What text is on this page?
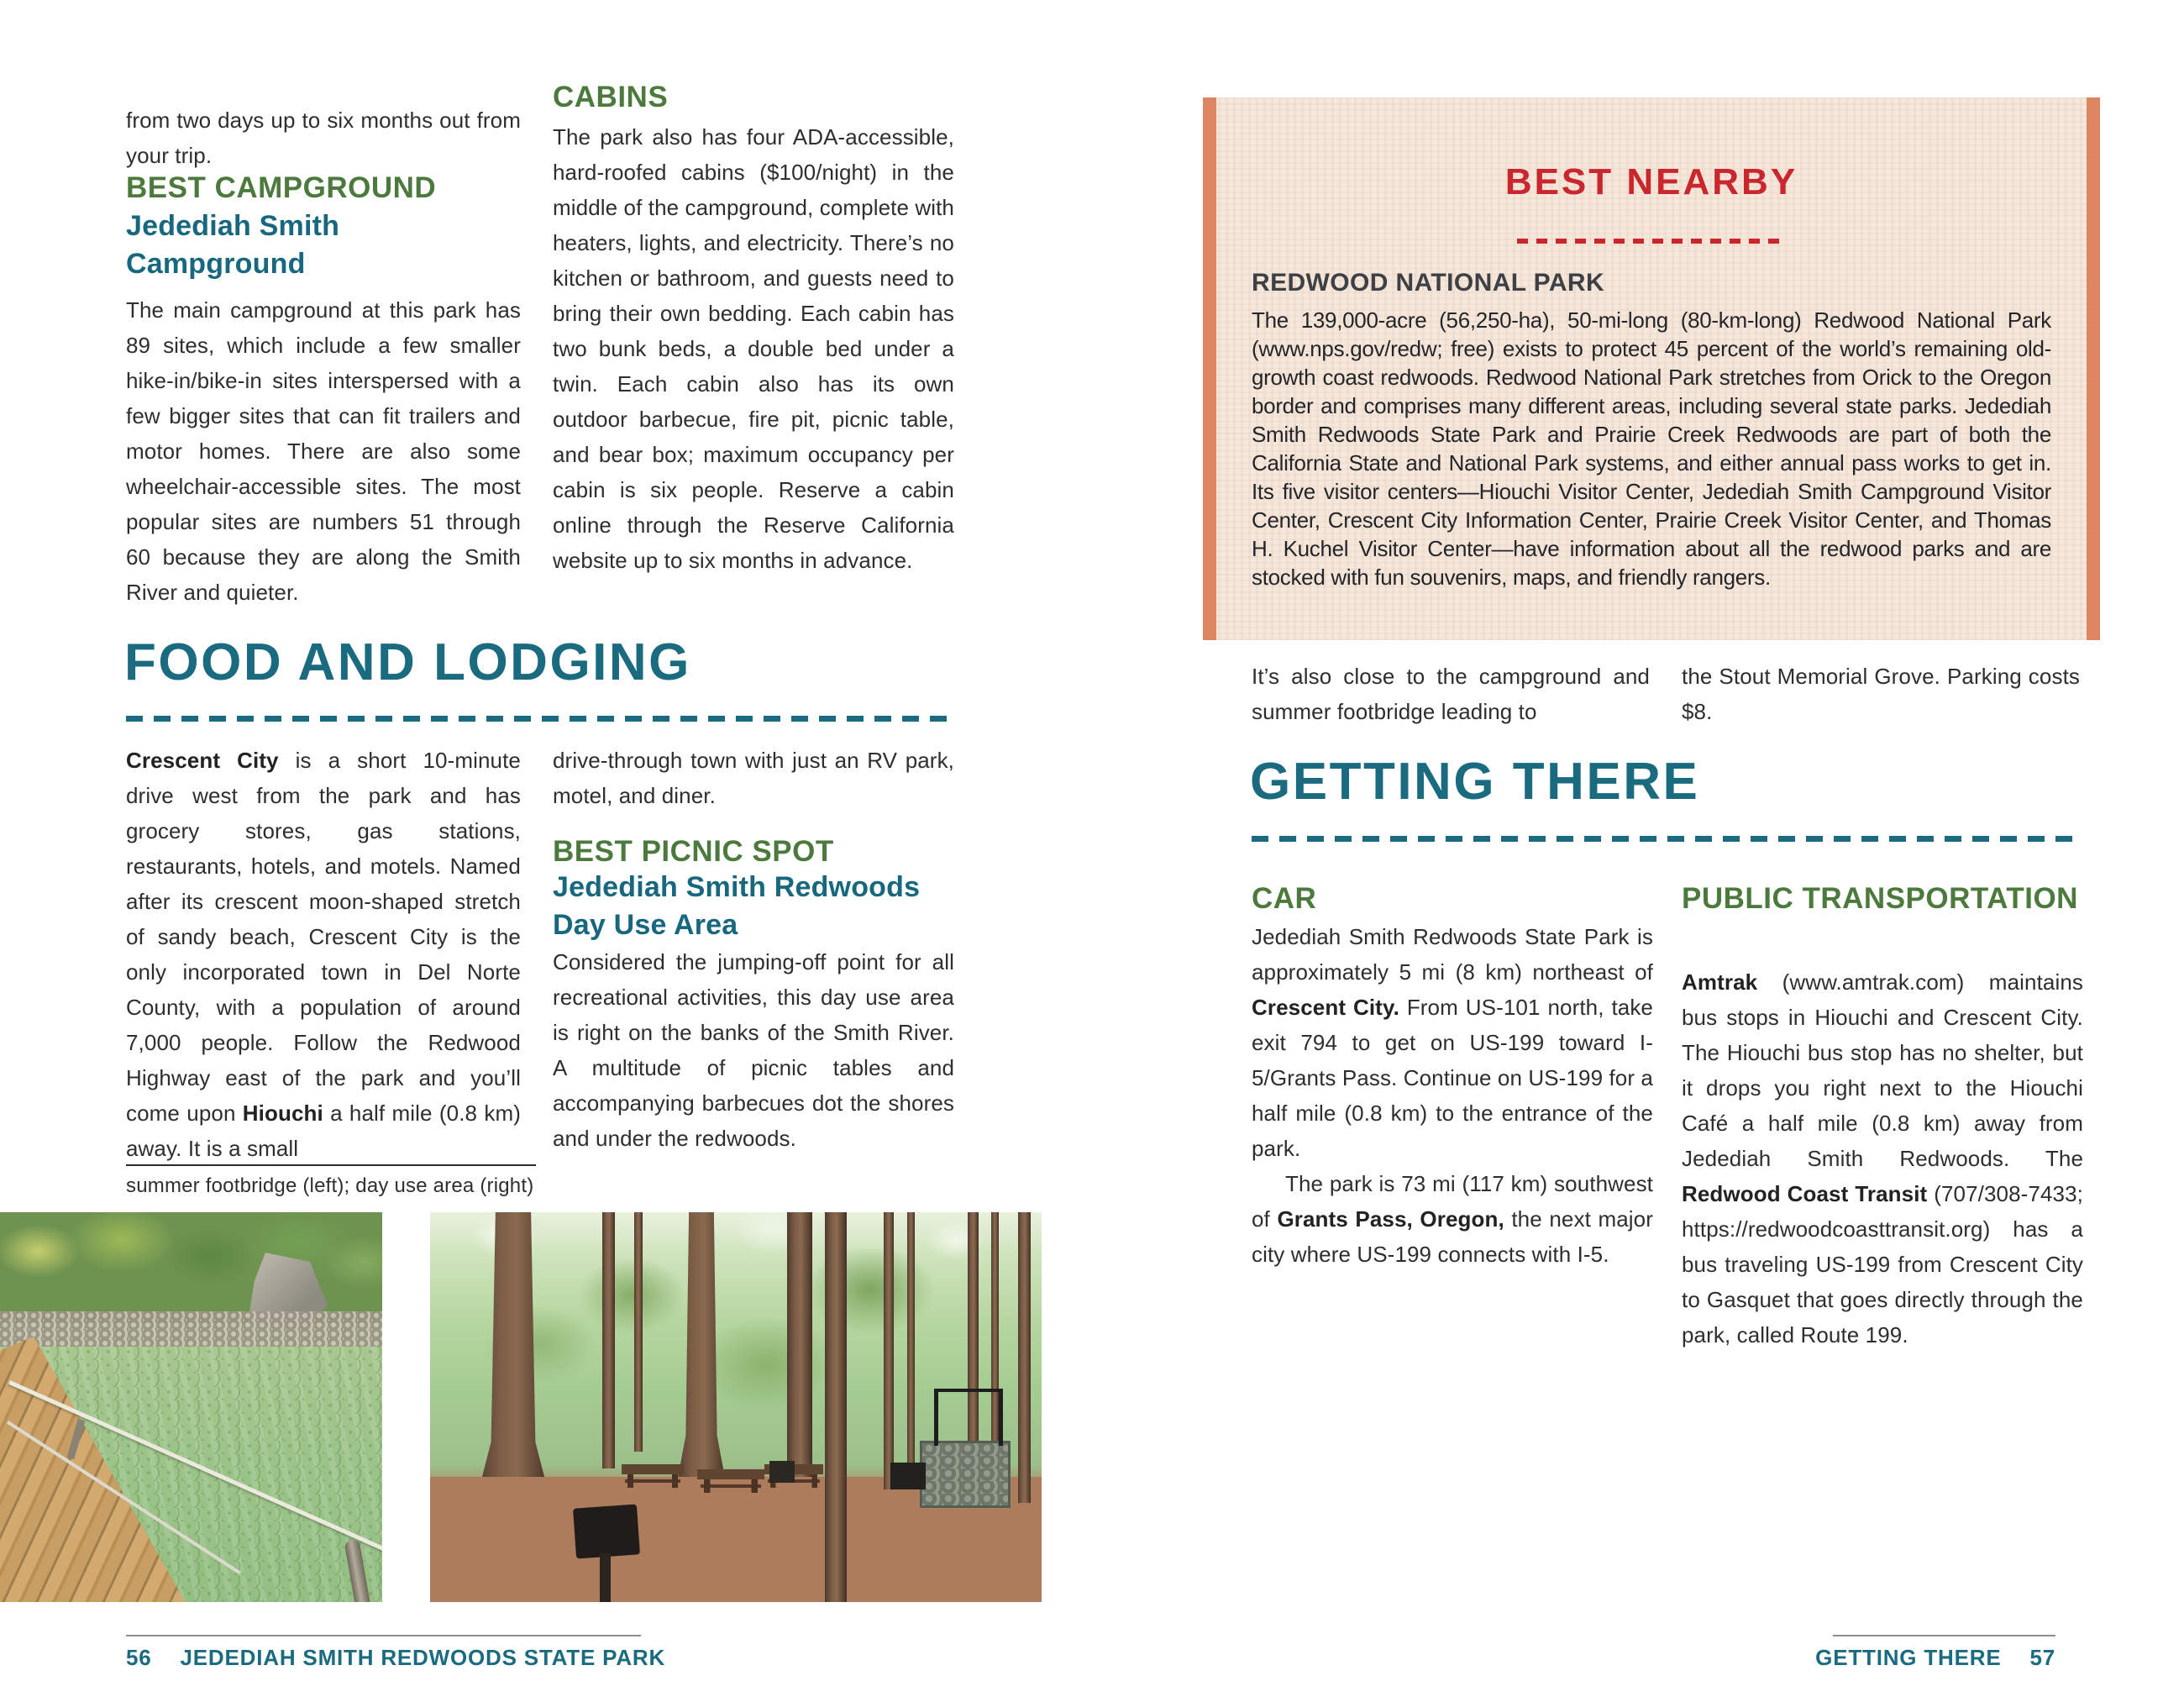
from two days up to six months out from your trip.

BEST CAMPGROUND
Jedediah Smith Campground

The main campground at this park has 89 sites, which include a few smaller hike-in/bike-in sites interspersed with a few bigger sites that can fit trailers and motor homes. There are also some wheelchair-accessible sites. The most popular sites are numbers 51 through 60 because they are along the Smith River and quieter.

CABINS

The park also has four ADA-accessible, hard-roofed cabins ($100/night) in the middle of the campground, complete with heaters, lights, and electricity. There’s no kitchen or bathroom, and guests need to bring their own bedding. Each cabin has two bunk beds, a double bed under a twin. Each cabin also has its own outdoor barbecue, fire pit, picnic table, and bear box; maximum occupancy per cabin is six people. Reserve a cabin online through the Reserve California website up to six months in advance.

FOOD AND LODGING

Crescent City is a short 10-minute drive west from the park and has grocery stores, gas stations, restaurants, hotels, and motels. Named after its crescent moon-shaped stretch of sandy beach, Crescent City is the only incorporated town in Del Norte County, with a population of around 7,000 people. Follow the Redwood Highway east of the park and you’ll come upon Hiouchi a half mile (0.8 km) away. It is a small

drive-through town with just an RV park, motel, and diner.

BEST PICNIC SPOT
Jedediah Smith Redwoods Day Use Area

Considered the jumping-off point for all recreational activities, this day use area is right on the banks of the Smith River. A multitude of picnic tables and accompanying barbecues dot the shores and under the redwoods.

summer footbridge (left); day use area (right)

56 JEDEDIAH SMITH REDWOODS STATE PARK
BEST NEARBY
REDWOOD NATIONAL PARK
The 139,000-acre (56,250-ha), 50-mi-long (80-km-long) Redwood National Park (www.nps.gov/redw; free) exists to protect 45 percent of the world’s remaining old-growth coast redwoods. Redwood National Park stretches from Orick to the Oregon border and comprises many different areas, including several state parks. Jedediah Smith Redwoods State Park and Prairie Creek Redwoods are part of both the California State and National Park systems, and either annual pass works to get in. Its five visitor centers—Hiouchi Visitor Center, Jedediah Smith Campground Visitor Center, Crescent City Information Center, Prairie Creek Visitor Center, and Thomas H. Kuchel Visitor Center—have information about all the redwood parks and are stocked with fun souvenirs, maps, and friendly rangers.

It’s also close to the campground and summer footbridge leading to

the Stout Memorial Grove. Parking costs $8.

GETTING THERE
CAR

Jedediah Smith Redwoods State Park is approximately 5 mi (8 km) northeast of Crescent City. From US-101 north, take exit 794 to get on US-199 toward I-5/Grants Pass. Continue on US-199 for a half mile (0.8 km) to the entrance of the park.

The park is 73 mi (117 km) southwest of Grants Pass, Oregon, the next major city where US-199 connects with I-5.

PUBLIC TRANSPORTATION

Amtrak (www.amtrak.com) maintains bus stops in Hiouchi and Crescent City. The Hiouchi bus stop has no shelter, but it drops you right next to the Hiouchi Café a half mile (0.8 km) away from Jedediah Smith Redwoods. The Redwood Coast Transit (707/308-7433; https://redwoodcoasttransit.org) has a bus traveling US-199 from Crescent City to Gasquet that goes directly through the park, called Route 199.

GETTING THERE 57
